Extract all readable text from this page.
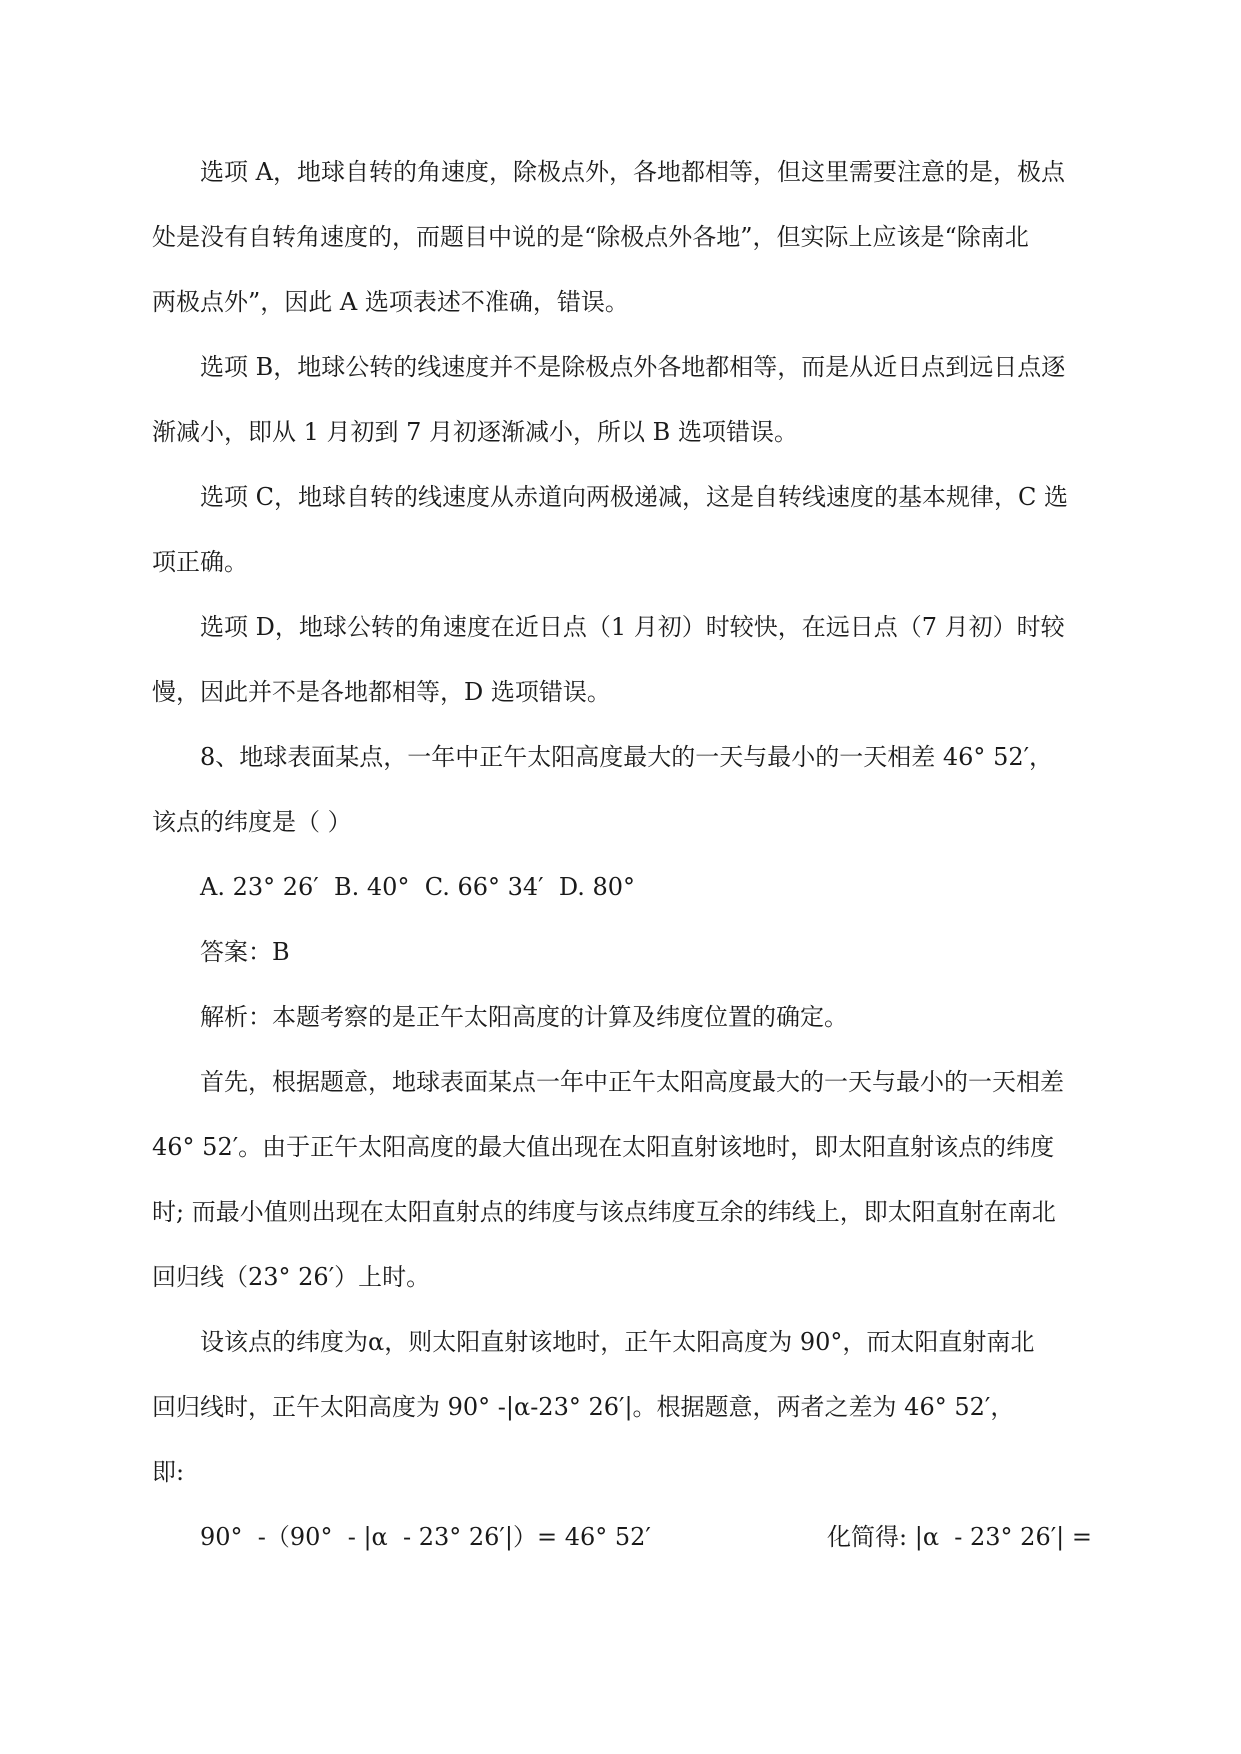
选项 A，地球自转的角速度，除极点外，各地都相等，但这里需要注意的是，极点
处是没有自转角速度的，而题目中说的是“除极点外各地”，但实际上应该是“除南北
两极点外”，因此 A 选项表述不准确，错误。

选项 B，地球公转的线速度并不是除极点外各地都相等，而是从近日点到远日点逐
渐减小，即从 1 月初到 7 月初逐渐减小，所以 B 选项错误。

选项 C，地球自转的线速度从赤道向两极递减，这是自转线速度的基本规律，C 选
项正确。

选项 D，地球公转的角速度在近日点（1 月初）时较快，在远日点（7 月初）时较
慢，因此并不是各地都相等，D 选项错误。

8、地球表面某点，一年中正午太阳高度最大的一天与最小的一天相差 46° 52′，
该点的纬度是（ ）

A. 23° 26′  B. 40°  C. 66° 34′  D. 80°

答案：B

解析：本题考察的是正午太阳高度的计算及纬度位置的确定。

首先，根据题意，地球表面某点一年中正午太阳高度最大的一天与最小的一天相差
46° 52′。由于正午太阳高度的最大值出现在太阳直射该地时，即太阳直射该点的纬度
时; 而最小值则出现在太阳直射点的纬度与该点纬度互余的纬线上，即太阳直射在南北
回归线（23° 26′）上时。

设该点的纬度为α，则太阳直射该地时，正午太阳高度为 90°，而太阳直射南北
回归线时，正午太阳高度为 90° -|α-23° 26′|。根据题意，两者之差为 46° 52′，
即:

90°  -（90°  - |α  - 23° 26′|）= 46° 52′	化简得: |α  - 23° 26′| =
